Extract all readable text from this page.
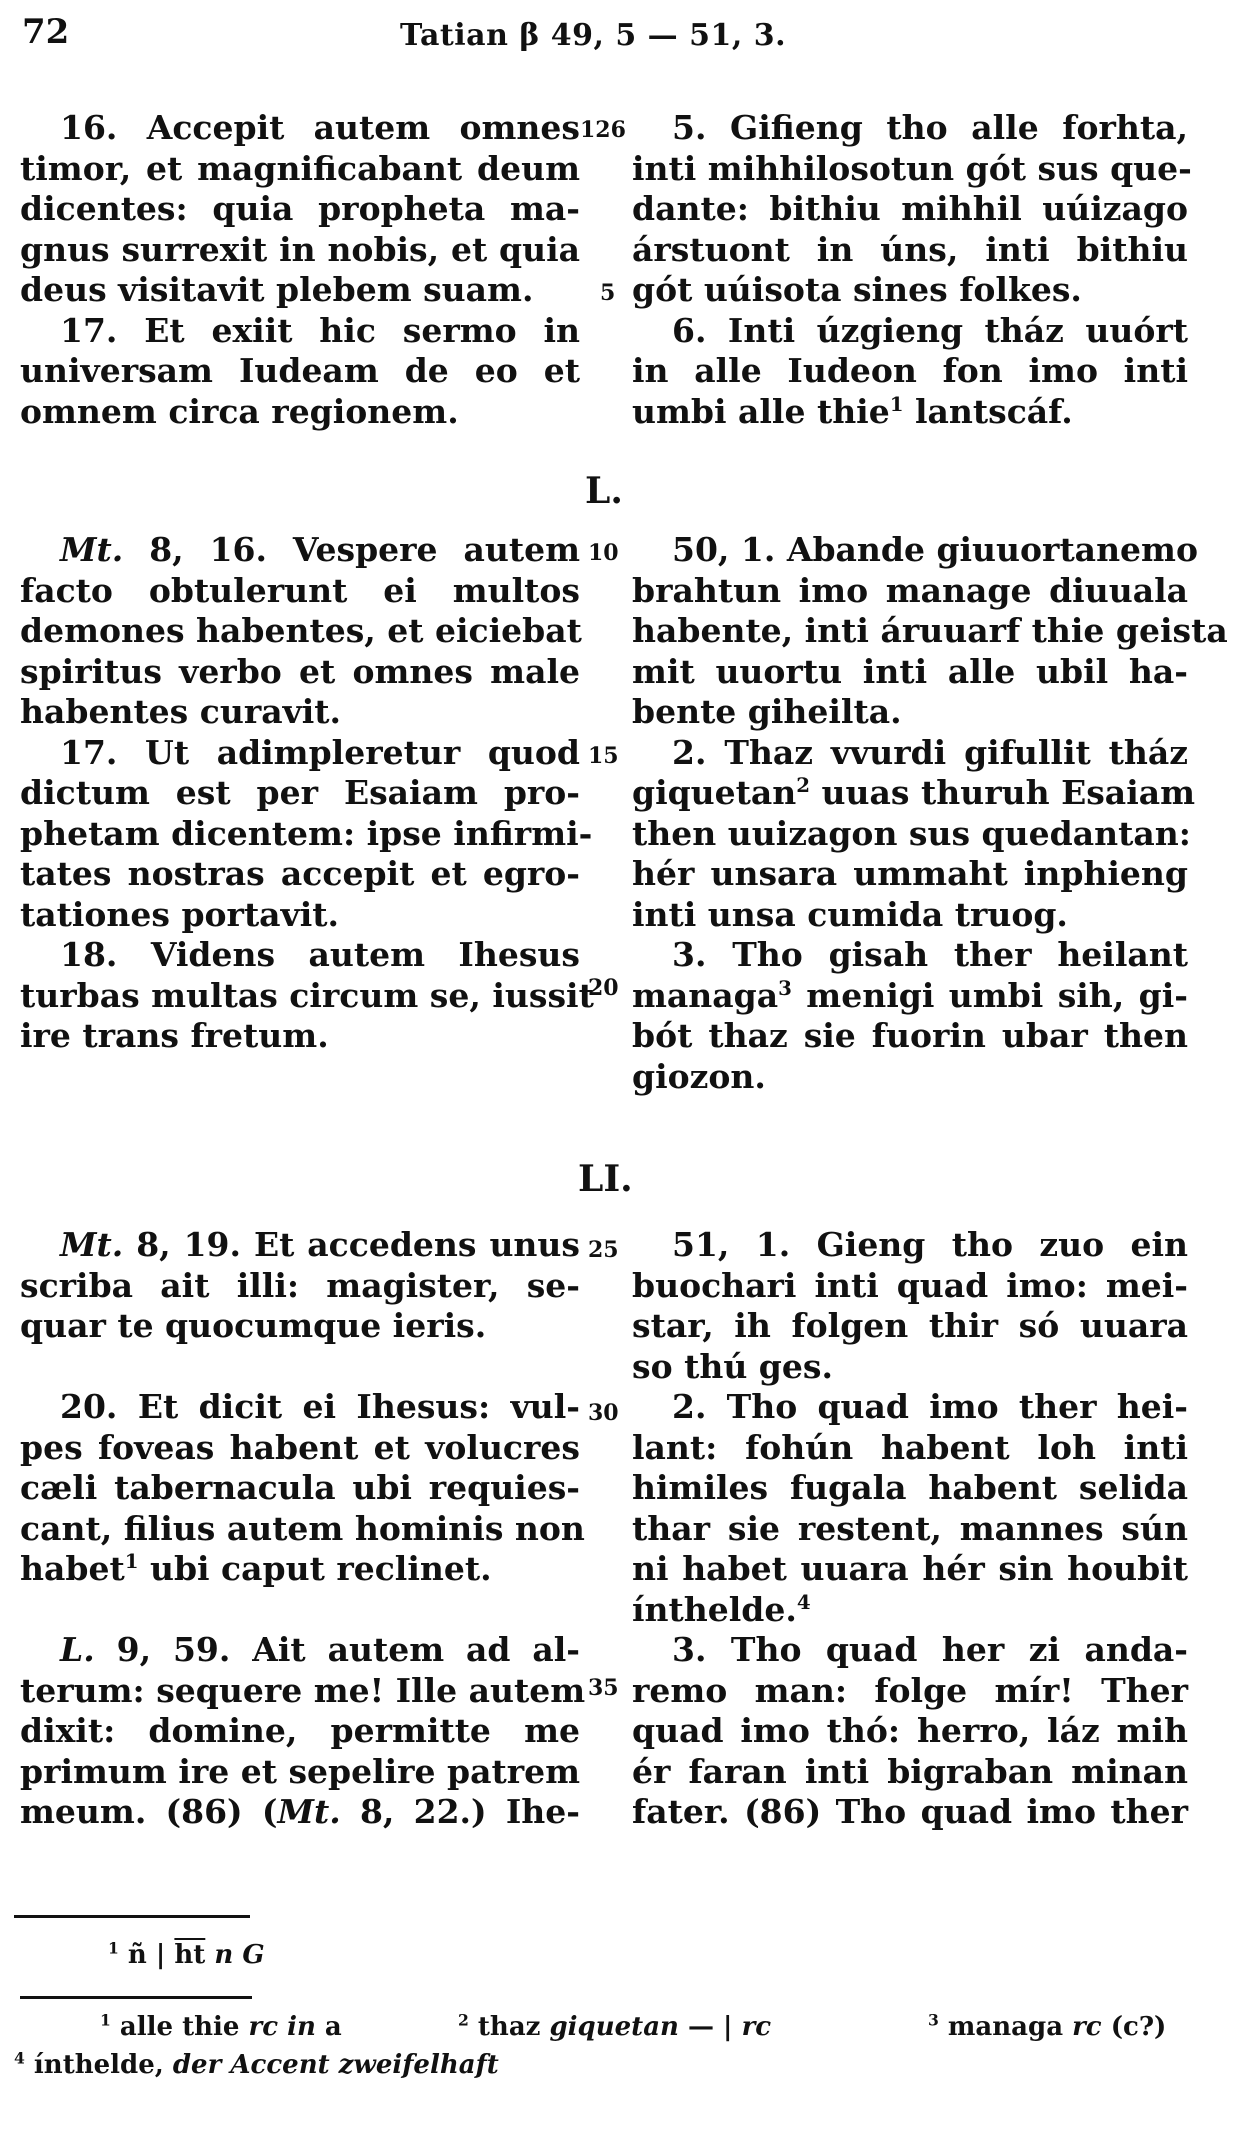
72	Tatian β 49, 5 — 51, 3.
16. Accepit autem omnes
timor, et magnificabant deum
dicentes: quia propheta ma-
gnus surrexit in nobis, et quia
deus visitavit plebem suam.
17. Et exiit hic sermo in
universam Iudeam de eo et
omnem circa regionem.
5. Gifieng tho alle forhta,
inti mihhilosotun gót sus que-
dante: bithiu mihhil uúizago
árstuont in úns, inti bithiu
gót uúisota sines folkes.
6. Inti úzgieng tház uuórt
in alle Iudeon fon imo inti
umbi alle thie$^1$ lantscáf.
L.
Mt. 8, 16. Vespere autem
facto obtulerunt ei multos
demones habentes, et eiciebat
spiritus verbo et omnes male
habentes curavit.
17. Ut adimpleretur quod
dictum est per Esaiam pro-
phetam dicentem: ipse infirmi-
tates nostras accepit et egro-
tationes portavit.
18. Videns autem Ihesus
turbas multas circum se, iussit
ire trans fretum.
50, 1. Abande giuuortanemo
brahtun imo manage diuuala
habente, inti áruuarf thie geista
mit uuortu inti alle ubil ha-
bente giheilta.
2. Thaz vvurdi gifullit tház
giquetan$^2$ uuas thuruh Esaiam
then uuizagon sus quedantan:
hér unsara ummaht inphieng
inti unsa cumida truog.
3. Tho gisah ther heilant
managa$^3$ menigi umbi sih, gi-
bót thaz sie fuorin ubar then
giozon.
LI.
Mt. 8, 19. Et accedens unus
scriba ait illi: magister, se-
quar te quocumque ieris.
20. Et dicit ei Ihesus: vul-
pes foveas habent et volucres
cæli tabernacula ubi requies-
cant, filius autem hominis non
habet$^1$ ubi caput reclinet.
L. 9, 59. Ait autem ad al-
terum: sequere me! Ille autem
dixit: domine, permitte me
primum ire et sepelire patrem
meum. (86) (Mt. 8, 22.) Ihe-
51, 1. Gieng tho zuo ein
buochari inti quad imo: mei-
star, ih folgen thir só uuara
so thú ges.
2. Tho quad imo ther hei-
lant: fohún habent loh inti
himiles fugala habent selida
thar sie restent, mannes sún
ni habet uuara hér sin houbit
ínthelde.$^4$
3. Tho quad her zi anda-
remo man: folge mír! Ther
quad imo thó: herro, láz mih
ér faran inti bigraban minan
fater. (86) Tho quad imo ther
126
5
10
15
20
25
30
35
$^1$ ñ | $\overline{ht}$ n G
$^1$ alle thie rc in a	$^2$ thaz giquetan — | rc	$^3$ managa rc (c?)
$^4$ ínthelde, der Accent zweifelhaft
